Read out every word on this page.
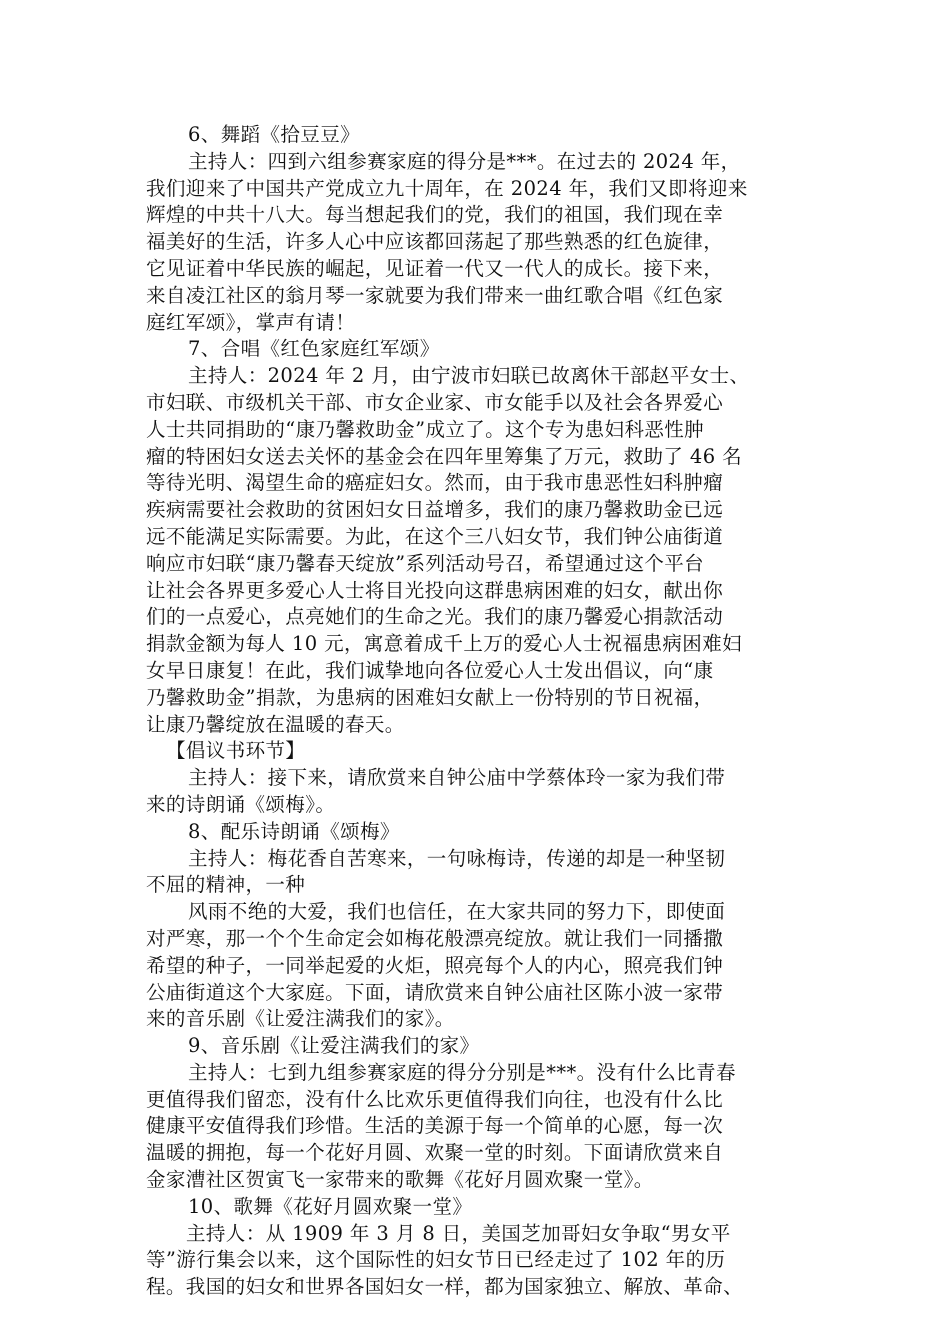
6、舞蹈《拾豆豆》
主持人：四到六组参赛家庭的得分是***。在过去的 2024 年，
我们迎来了中国共产党成立九十周年，在 2024 年，我们又即将迎来
辉煌的中共十八大。每当想起我们的党，我们的祖国，我们现在幸
福美好的生活，许多人心中应该都回荡起了那些熟悉的红色旋律，
它见证着中华民族的崛起，见证着一代又一代人的成长。接下来，
来自凌江社区的翁月琴一家就要为我们带来一曲红歌合唱《红色家
庭红军颂》，掌声有请！
7、合唱《红色家庭红军颂》
主持人：2024 年 2 月，由宁波市妇联已故离休干部赵平女士、
市妇联、市级机关干部、市女企业家、市女能手以及社会各界爱心
人士共同捐助的“康乃馨救助金”成立了。这个专为患妇科恶性肿
瘤的特困妇女送去关怀的基金会在四年里筹集了万元，救助了 46 名
等待光明、渴望生命的癌症妇女。然而，由于我市患恶性妇科肿瘤
疾病需要社会救助的贫困妇女日益增多，我们的康乃馨救助金已远
远不能满足实际需要。为此，在这个三八妇女节，我们钟公庙街道
响应市妇联“康乃馨春天绽放”系列活动号召，希望通过这个平台
让社会各界更多爱心人士将目光投向这群患病困难的妇女，献出你
们的一点爱心，点亮她们的生命之光。我们的康乃馨爱心捐款活动
捐款金额为每人 10 元，寓意着成千上万的爱心人士祝福患病困难妇
女早日康复！在此，我们诚挚地向各位爱心人士发出倡议，向“康
乃馨救助金”捐款，为患病的困难妇女献上一份特别的节日祝福，
让康乃馨绽放在温暖的春天。
【倡议书环节】
主持人：接下来，请欣赏来自钟公庙中学蔡体玲一家为我们带
来的诗朗诵《颂梅》。
8、配乐诗朗诵《颂梅》
主持人：梅花香自苦寒来，一句咏梅诗，传递的却是一种坚韧
不屈的精神，一种
风雨不绝的大爱，我们也信任，在大家共同的努力下，即使面
对严寒，那一个个生命定会如梅花般漂亮绽放。就让我们一同播撒
希望的种子，一同举起爱的火炬，照亮每个人的内心，照亮我们钟
公庙街道这个大家庭。下面，请欣赏来自钟公庙社区陈小波一家带
来的音乐剧《让爱注满我们的家》。
9、音乐剧《让爱注满我们的家》
主持人：七到九组参赛家庭的得分分别是***。没有什么比青春
更值得我们留恋，没有什么比欢乐更值得我们向往，也没有什么比
健康平安值得我们珍惜。生活的美源于每一个简单的心愿，每一次
温暖的拥抱，每一个花好月圆、欢聚一堂的时刻。下面请欣赏来自
金家漕社区贺寅飞一家带来的歌舞《花好月圆欢聚一堂》。
10、歌舞《花好月圆欢聚一堂》
主持人：从 1909 年 3 月 8 日，美国芝加哥妇女争取“男女平
等”游行集会以来，这个国际性的妇女节日已经走过了 102 年的历
程。我国的妇女和世界各国妇女一样，都为国家独立、解放、革命、
